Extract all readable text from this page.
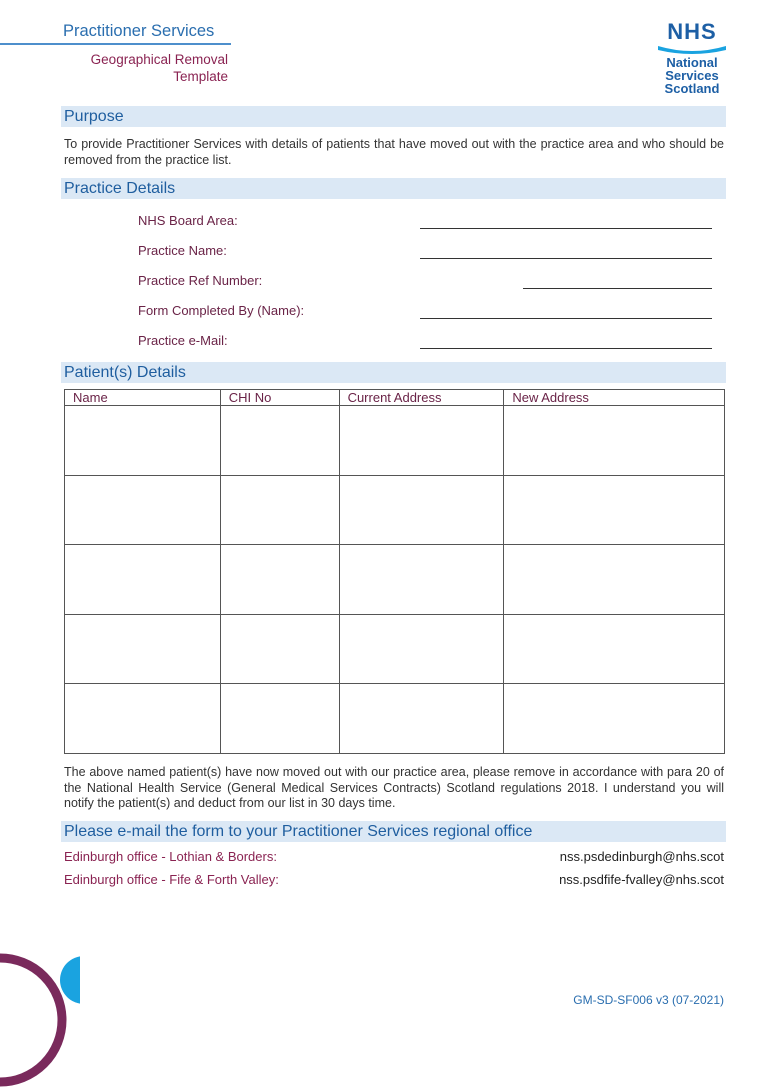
Practitioner Services
Geographical Removal
Template
NHS
National
Services
Scotland
Purpose
To provide Practitioner Services with details of patients that have moved out with the practice area and who should be removed from the practice list.
Practice Details
NHS Board Area:
Practice Name:
Practice Ref Number:
Form Completed By (Name):
Practice e-Mail:
Patient(s) Details
Name	CHI No	Current Address	New Address

The above named patient(s) have now moved out with our practice area, please remove in accordance with para 20 of the National Health Service (General Medical Services Contracts) Scotland regulations 2018. I understand you will notify the patient(s) and deduct from our list in 30 days time.
Please e-mail the form to your Practitioner Services regional office
Edinburgh office - Lothian & Borders:	nss.psdedinburgh@nhs.scot
Edinburgh office - Fife & Forth Valley:	nss.psdfife-fvalley@nhs.scot
GM-SD-SF006 v3 (07-2021)
